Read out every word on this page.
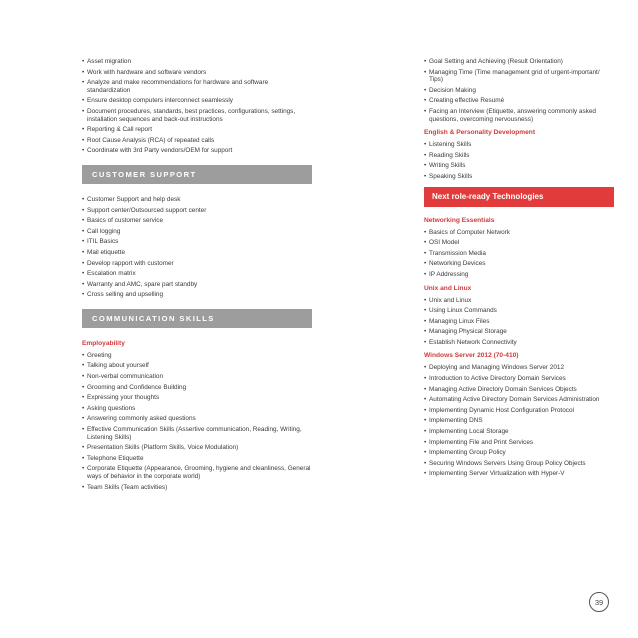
• Asset migration
• Work with hardware and software vendors
• Analyze and make recommendations for hardware and software standardization
• Ensure desktop computers interconnect seamlessly
• Document procedures, standards, best practices, configurations, settings, installation sequences and back-out instructions
• Reporting & Call report
• Root Cause Analysis (RCA) of repeated calls
• Coordinate with 3rd Party vendors/OEM for support
CUSTOMER SUPPORT
• Customer Support and help desk
• Support center/Outsourced support center
• Basics of customer service
• Call logging
• ITIL Basics
• Mail etiquette
• Develop rapport with customer
• Escalation matrix
• Warranty and AMC, spare part standby
• Cross selling and upselling
COMMUNICATION SKILLS
Employability
• Greeting
• Talking about yourself
• Non-verbal communication
• Grooming and Confidence Building
• Expressing your thoughts
• Asking questions
• Answering commonly asked questions
• Effective Communication Skills (Assertive communication, Reading, Writing, Listening Skills)
• Presentation Skills (Platform Skills, Voice Modulation)
• Telephone Etiquette
• Corporate Etiquette (Appearance, Grooming, hygiene and cleanliness, General ways of behavior in the corporate world)
• Team Skills (Team activities)
• Goal Setting and Achieving (Result Orientation)
• Managing Time (Time management grid of urgent-important/ Tips)
• Decision Making
• Creating effective Resumé
• Facing an Interview (Etiquette, answering commonly asked questions, overcoming nervousness)
English & Personality Development
• Listening Skills
• Reading Skills
• Writing Skills
• Speaking Skills
Next role-ready Technologies
Networking Essentials
• Basics of Computer Network
• OSI Model
• Transmission Media
• Networking Devices
• IP Addressing
Unix and Linux
• Unix and Linux
• Using Linux Commands
• Managing Linux Files
• Managing Physical Storage
• Establish Network Connectivity
Windows Server 2012 (70-410)
• Deploying and Managing Windows Server 2012
• Introduction to Active Directory Domain Services
• Managing Active Directory Domain Services Objects
• Automating Active Directory Domain Services Administration
• Implementing Dynamic Host Configuration Protocol
• Implementing DNS
• Implementing Local Storage
• Implementing File and Print Services
• Implementing Group Policy
• Securing Windows Servers Using Group Policy Objects
• Implementing Server Virtualization with Hyper-V
39
